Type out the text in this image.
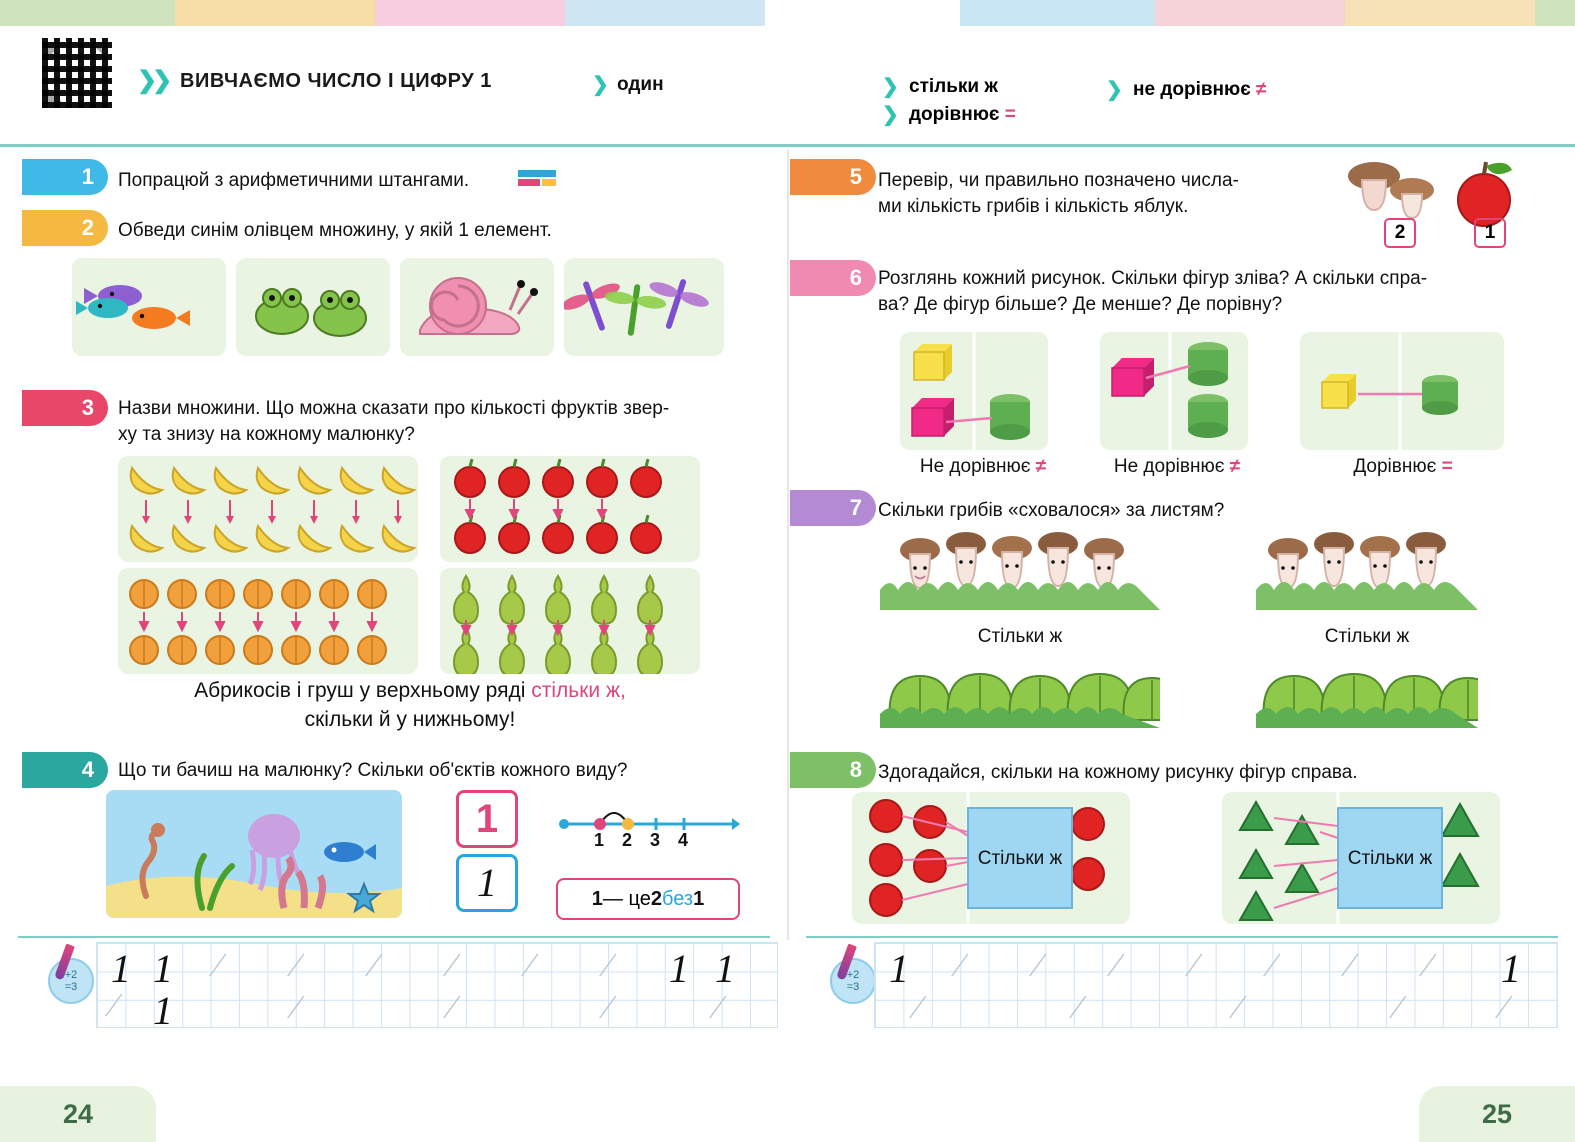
❯❯ ВИВЧАЄМО ЧИСЛО І ЦИФРУ 1	❯ один	❯ стільки ж
❯ дорівнює =
❯ не дорівнює ≠
1 Попрацюй з арифметичними штангами.
2 Обведи синім олівцем множину, у якій 1 елемент.
3 Назви множини. Що можна сказати про кількості фруктів звер-
ху та знизу на кожному малюнку?
Абрикосів і груш у верхньому ряді стільки ж,
скільки й у нижньому!
4 Що ти бачиш на малюнку? Скільки об'єктів кожного виду?
1
1
1 2 3 4
1 — це 2 без 1
+2
=3 1 1 ⁄ ⁄ ⁄ ⁄ ⁄ ⁄ 1 1
⁄ 1	⁄	⁄	⁄	⁄
5 Перевір, чи правильно позначено числа-
ми кількість грибів і кількість яблук.
2	1
6 Розглянь кожний рисунок. Скільки фігур зліва? А скільки спра-
ва? Де фігур більше? Де менше? Де порівну?
Не дорівнює ≠	Не дорівнює ≠	Дорівнює =
7 Скільки грибів «сховалося» за листям?
Стільки ж	Стільки ж
8 Здогадайся, скільки на кожному рисунку фігур справа.
Стільки ж	Стільки ж
+2
=3 1 ⁄ ⁄ ⁄ ⁄ ⁄ ⁄ ⁄ 1
⁄	⁄	⁄	⁄	⁄
24	25
